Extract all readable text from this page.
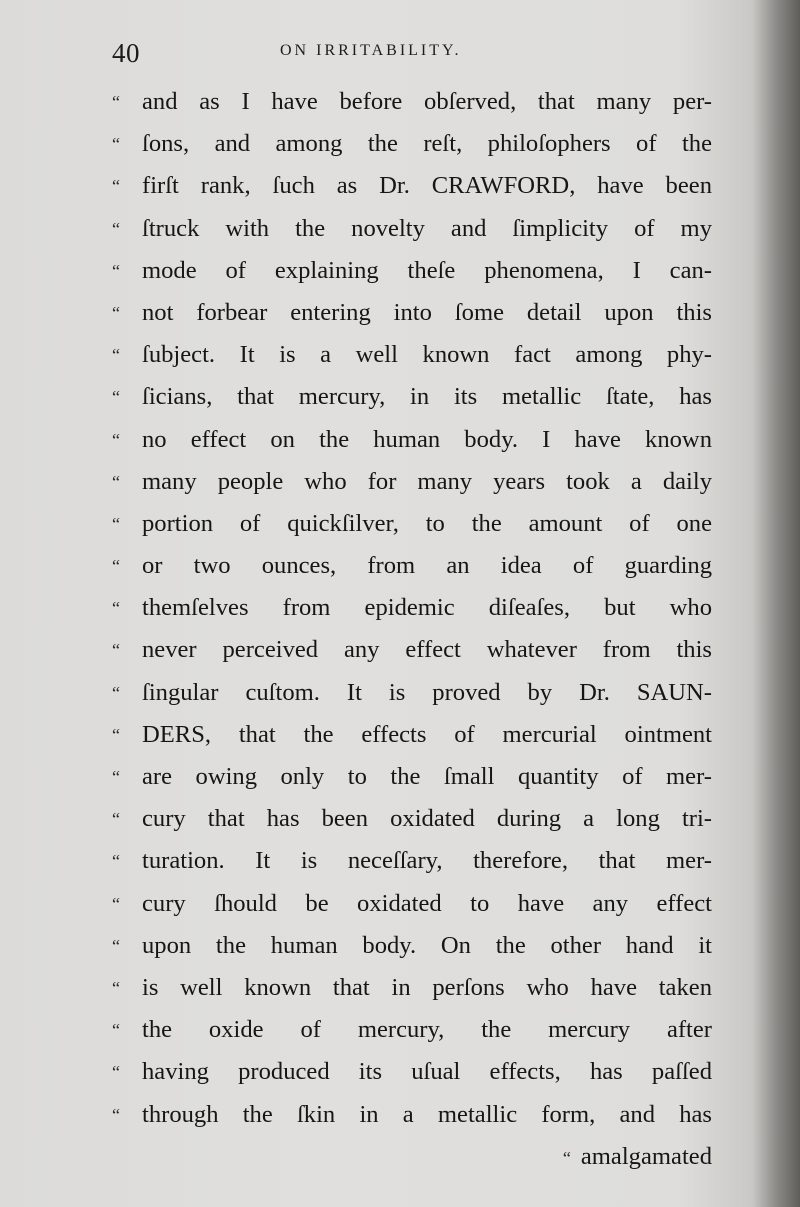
40	ON IRRITABILITY.
“ and as I have before obſerved, that many per-
“ ſons, and among the reſt, philoſophers of the
“ firſt rank, ſuch as Dr. CRAWFORD, have been
“ ſtruck with the novelty and ſimplicity of my
“ mode of explaining theſe phenomena, I can-
“ not forbear entering into ſome detail upon this
“ ſubject. It is a well known fact among phy-
“ ſicians, that mercury, in its metallic ſtate, has
“ no effect on the human body. I have known
“ many people who for many years took a daily
“ portion of quickſilver, to the amount of one
“ or two ounces, from an idea of guarding
“ themſelves from epidemic diſeaſes, but who
“ never perceived any effect whatever from this
“ ſingular cuſtom. It is proved by Dr. SAUN-
“ DERS, that the effects of mercurial ointment
“ are owing only to the ſmall quantity of mer-
“ cury that has been oxidated during a long tri-
“ turation. It is neceſſary, therefore, that mer-
“ cury ſhould be oxidated to have any effect
“ upon the human body. On the other hand it
“ is well known that in perſons who have taken
“ the oxide of mercury, the mercury after
“ having produced its uſual effects, has paſſed
“ through the ſkin in a metallic form, and has
“ amalgamated
